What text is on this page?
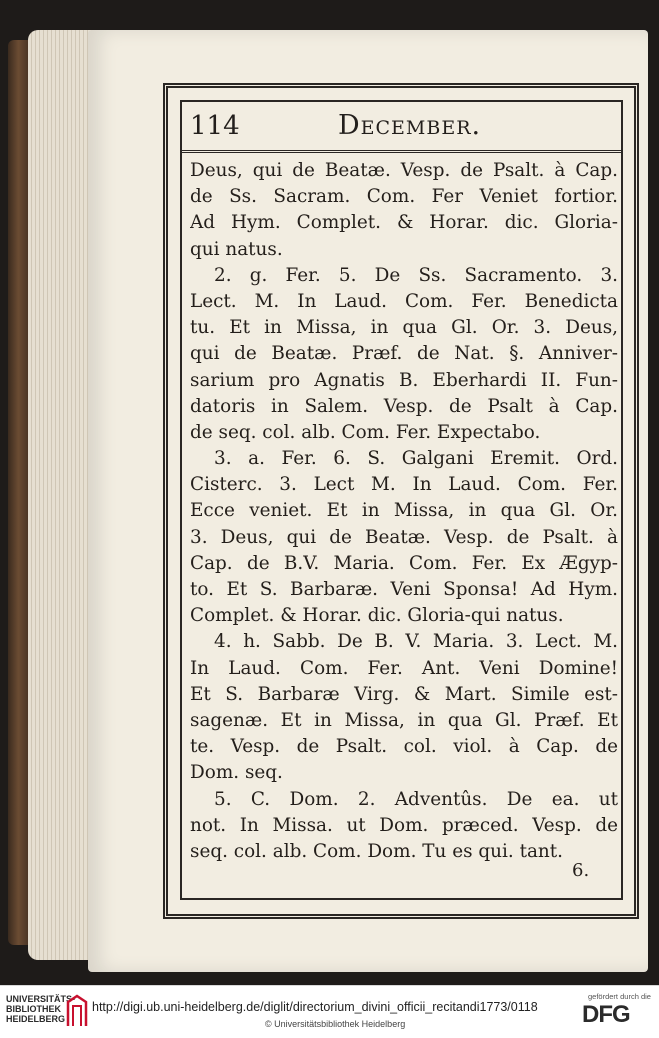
114	December.
Deus, qui de Beatæ. Vesp. de Psalt. à Cap.
de Ss. Sacram. Com. Fer Veniet fortior.
Ad Hym. Complet. & Horar. dic. Gloria-
qui natus.
2. g. Fer. 5. De Ss. Sacramento. 3.
Lect. M. In Laud. Com. Fer. Benedicta
tu. Et in Missa, in qua Gl. Or. 3. Deus,
qui de Beatæ. Præf. de Nat. §. Anniver-
sarium pro Agnatis B. Eberhardi II. Fun-
datoris in Salem. Vesp. de Psalt à Cap.
de seq. col. alb. Com. Fer. Expectabo.
3. a. Fer. 6. S. Galgani Eremit. Ord.
Cisterc. 3. Lect M. In Laud. Com. Fer.
Ecce veniet. Et in Missa, in qua Gl. Or.
3. Deus, qui de Beatæ. Vesp. de Psalt. à
Cap. de B.V. Maria. Com. Fer. Ex Ægyp-
to. Et S. Barbaræ. Veni Sponsa! Ad Hym.
Complet. & Horar. dic. Gloria-qui natus.
4. h. Sabb. De B. V. Maria. 3. Lect. M.
In Laud. Com. Fer. Ant. Veni Domine!
Et S. Barbaræ Virg. & Mart. Simile est-
sagenæ. Et in Missa, in qua Gl. Præf. Et
te. Vesp. de Psalt. col. viol. à Cap. de
Dom. seq.
5. C. Dom. 2. Adventûs. De ea. ut
not. In Missa. ut Dom. præced. Vesp. de
seq. col. alb. Com. Dom. Tu es qui. tant.
6.
UNIVERSITÄTS-BIBLIOTHEK HEIDELBERG
http://digi.ub.uni-heidelberg.de/diglit/directorium_divini_officii_recitandi1773/0118
© Universitätsbibliothek Heidelberg
gefördert durch die
DFG
